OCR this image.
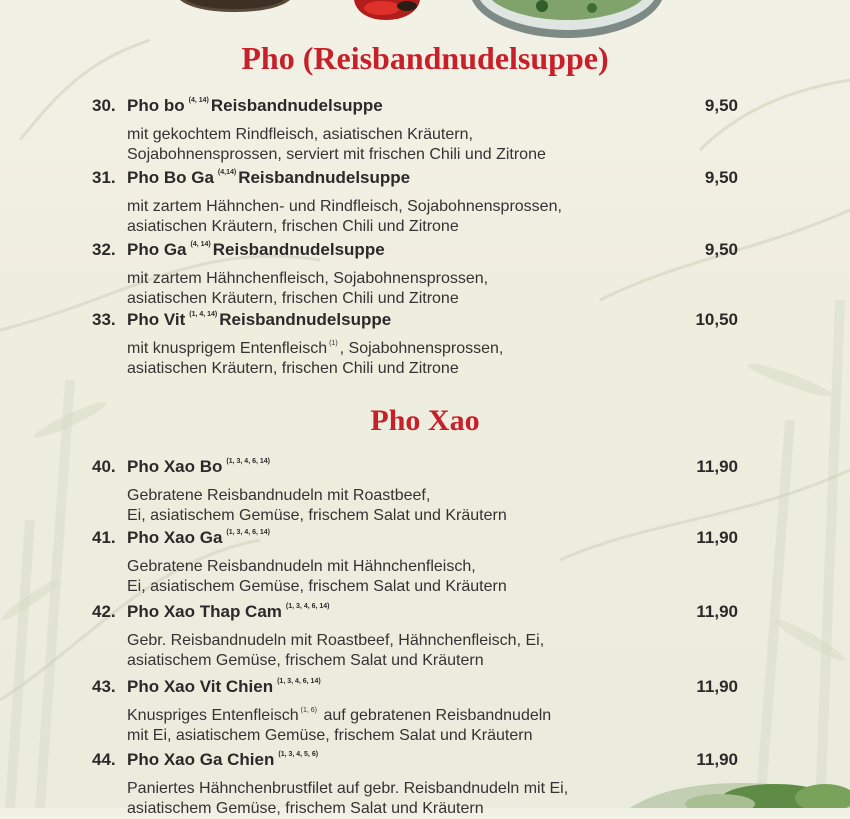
Pho (Reisbandnudelsuppe)
30. Pho bo $^{(4, 14)}$ Reisbandnudelsuppe	9,50

mit gekochtem Rindfleisch, asiatischen Kräutern,

Sojabohnensprossen, serviert mit frischen Chili und Zitrone

31. Pho Bo Ga $^{(4,14)}$ Reisbandnudelsuppe	9,50

mit zartem Hähnchen- und Rindfleisch, Sojabohnensprossen,

asiatischen Kräutern, frischen Chili und Zitrone

32. Pho Ga $^{(4, 14)}$ Reisbandnudelsuppe	9,50

mit zartem Hähnchenfleisch, Sojabohnensprossen,

asiatischen Kräutern, frischen Chili und Zitrone

33. Pho Vit $^{(1, 4, 14)}$ Reisbandnudelsuppe	10,50

mit knusprigem Entenfleisch $^{(1)}$ , Sojabohnensprossen,

asiatischen Kräutern, frischen Chili und Zitrone

Pho Xao
40. Pho Xao Bo $^{(1, 3, 4, 6, 14)}$	11,90

Gebratene Reisbandnudeln mit Roastbeef,

Ei, asiatischem Gemüse, frischem Salat und Kräutern

41. Pho Xao Ga $^{(1, 3, 4, 6, 14)}$	11,90

Gebratene Reisbandnudeln mit Hähnchenfleisch,

Ei, asiatischem Gemüse, frischem Salat und Kräutern

42. Pho Xao Thap Cam $^{(1, 3, 4, 6, 14)}$	11,90

Gebr. Reisbandnudeln mit Roastbeef, Hähnchenfleisch, Ei,

asiatischem Gemüse, frischem Salat und Kräutern

43. Pho Xao Vit Chien $^{(1, 3, 4, 6, 14)}$	11,90

Knuspriges Entenfleisch $^{(1, 6)}$ auf gebratenen Reisbandnudeln

mit Ei, asiatischem Gemüse, frischem Salat und Kräutern

44. Pho Xao Ga Chien $^{(1, 3, 4, 5, 6)}$	11,90

Paniertes Hähnchenbrustfilet auf gebr. Reisbandnudeln mit Ei,

asiatischem Gemüse, frischem Salat und Kräutern
